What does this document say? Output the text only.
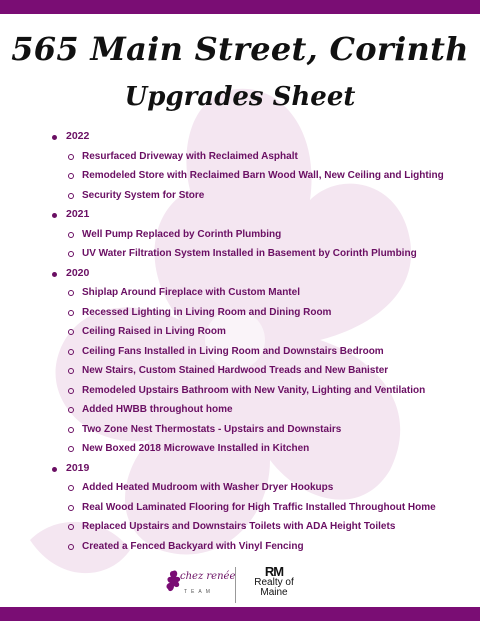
565 Main Street, Corinth
Upgrades Sheet
2022
Resurfaced Driveway with Reclaimed Asphalt
Remodeled Store with Reclaimed Barn Wood Wall, New Ceiling and Lighting
Security System for Store
2021
Well Pump Replaced by Corinth Plumbing
UV Water Filtration System Installed in Basement by Corinth Plumbing
2020
Shiplap Around Fireplace with Custom Mantel
Recessed Lighting in Living Room and Dining Room
Ceiling Raised in Living Room
Ceiling Fans Installed in Living Room and Downstairs Bedroom
New Stairs, Custom Stained Hardwood Treads and New Banister
Remodeled Upstairs Bathroom with New Vanity, Lighting and Ventilation
Added HWBB throughout home
Two Zone Nest Thermostats - Upstairs and Downstairs
New Boxed 2018 Microwave Installed in Kitchen
2019
Added Heated Mudroom with Washer Dryer Hookups
Real Wood Laminated Flooring for High Traffic Installed Throughout Home
Replaced Upstairs and Downstairs Toilets with ADA Height Toilets
Created a Fenced Backyard with Vinyl Fencing
chez renée
TEAM
RM
Realty of
Maine
